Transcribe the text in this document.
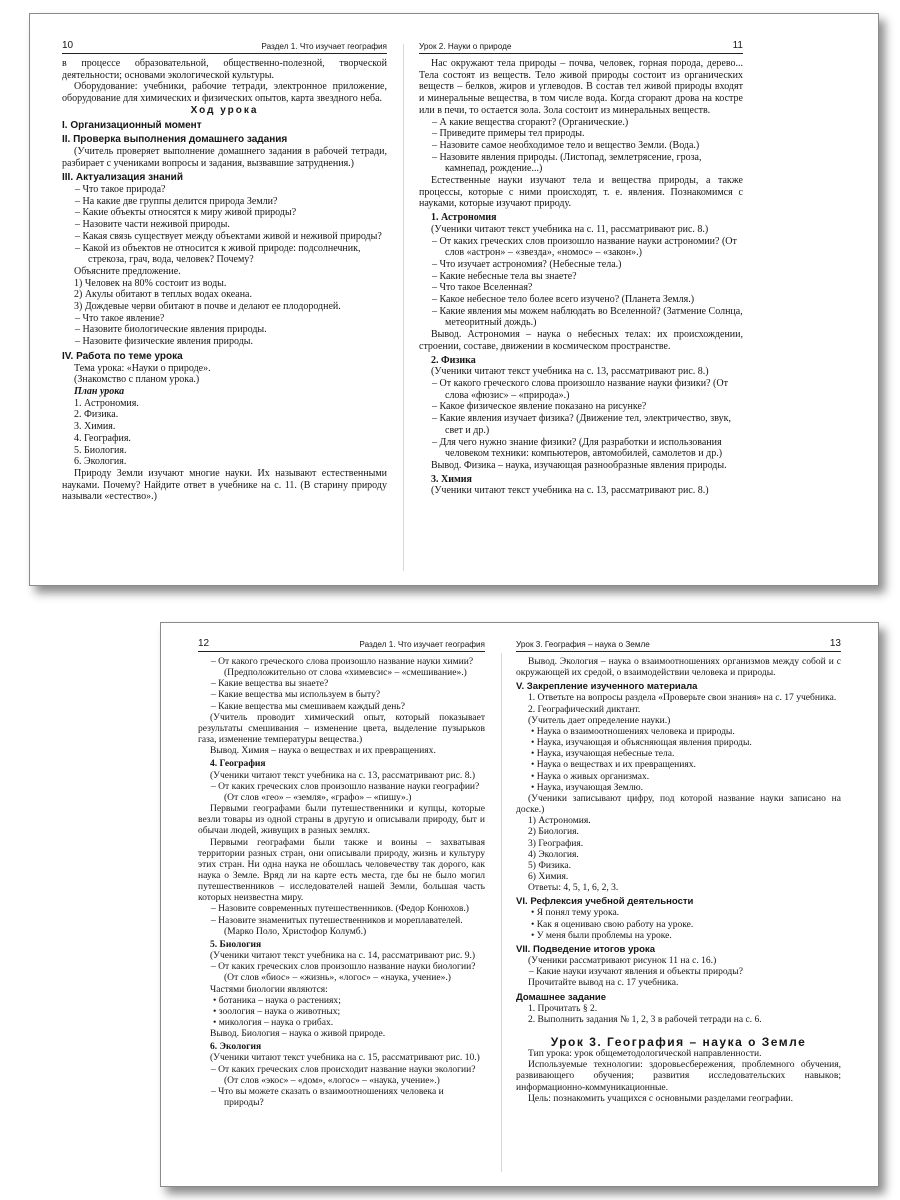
10	Раздел 1. Что изучает география
в процессе образовательной, общественно-полезной, творческой деятельности; основами экологической культуры.
Оборудование: учебники, рабочие тетради, электронное приложение, оборудование для химических и физических опытов, карта звездного неба.
Ход урока
I. Организационный момент
II. Проверка выполнения домашнего задания
(Учитель проверяет выполнение домашнего задания в рабочей тетради, разбирает с учениками вопросы и задания, вызвавшие затруднения.)
III. Актуализация знаний
– Что такое природа?
– На какие две группы делится природа Земли?
– Какие объекты относятся к миру живой природы?
– Назовите части неживой природы.
– Какая связь существует между объектами живой и неживой природы?
– Какой из объектов не относится к живой природе: подсолнечник, стрекоза, грач, вода, человек? Почему?
Объясните предложение.
1) Человек на 80% состоит из воды.
2) Акулы обитают в теплых водах океана.
3) Дождевые черви обитают в почве и делают ее плодородней.
– Что такое явление?
– Назовите биологические явления природы.
– Назовите физические явления природы.
IV. Работа по теме урока
Тема урока: «Науки о природе».
(Знакомство с планом урока.)
План урока
1. Астрономия.
2. Физика.
3. Химия.
4. География.
5. Биология.
6. Экология.
Природу Земли изучают многие науки. Их называют естественными науками. Почему? Найдите ответ в учебнике на с. 11. (В старину природу называли «естество».)
Урок 2. Науки о природе	11
Нас окружают тела природы – почва, человек, горная порода, дерево... Тела состоят из веществ. Тело живой природы состоит из органических веществ – белков, жиров и углеводов. В состав тел живой природы входят и минеральные вещества, в том числе вода. Когда сгорают дрова на костре или в печи, то остается зола. Зола состоит из минеральных веществ.
– А какие вещества сгорают? (Органические.)
– Приведите примеры тел природы.
– Назовите самое необходимое тело и вещество Земли. (Вода.)
– Назовите явления природы. (Листопад, землетрясение, гроза, камнепад, рождение...)
Естественные науки изучают тела и вещества природы, а также процессы, которые с ними происходят, т. е. явления. Познакомимся с науками, которые изучают природу.
1. Астрономия
(Ученики читают текст учебника на с. 11, рассматривают рис. 8.)
– От каких греческих слов произошло название науки астрономии? (От слов «астрон» – «звезда», «номос» – «закон».)
– Что изучает астрономия? (Небесные тела.)
– Какие небесные тела вы знаете?
– Что такое Вселенная?
– Какое небесное тело более всего изучено? (Планета Земля.)
– Какие явления мы можем наблюдать во Вселенной? (Затмение Солнца, метеоритный дождь.)
Вывод. Астрономия – наука о небесных телах: их происхождении, строении, составе, движении в космическом пространстве.
2. Физика
(Ученики читают текст учебника на с. 13, рассматривают рис. 8.)
– От какого греческого слова произошло название науки физики? (От слова «фюзис» – «природа».)
– Какое физическое явление показано на рисунке?
– Какие явления изучает физика? (Движение тел, электричество, звук, свет и др.)
– Для чего нужно знание физики? (Для разработки и использования человеком техники: компьютеров, автомобилей, самолетов и др.)
Вывод. Физика – наука, изучающая разнообразные явления природы.
3. Химия
(Ученики читают текст учебника на с. 13, рассматривают рис. 8.)
12	Раздел 1. Что изучает география
– От какого греческого слова произошло название науки химии? (Предположительно от слова «химевсис» – «смешивание».)
– Какие вещества вы знаете?
– Какие вещества мы используем в быту?
– Какие вещества мы смешиваем каждый день?
(Учитель проводит химический опыт, который показывает результаты смешивания – изменение цвета, выделение пузырьков газа, изменение температуры вещества.)
Вывод. Химия – наука о веществах и их превращениях.
4. География
(Ученики читают текст учебника на с. 13, рассматривают рис. 8.)
– От каких греческих слов произошло название науки географии? (От слов «гео» – «земля», «графо» – «пишу».)
Первыми географами были путешественники и купцы, которые везли товары из одной страны в другую и описывали природу, быт и обычаи людей, живущих в разных землях.
Первыми географами были также и воины – захватывая территории разных стран, они описывали природу, жизнь и культуру этих стран. Ни одна наука не обошлась человечеству так дорого, как наука о Земле. Вряд ли на карте есть места, где бы не было могил путешественников – исследователей нашей Земли, большая часть которых неизвестна миру.
– Назовите современных путешественников. (Федор Конюхов.)
– Назовите знаменитых путешественников и мореплавателей. (Марко Поло, Христофор Колумб.)
5. Биология
(Ученики читают текст учебника на с. 14, рассматривают рис. 9.)
– От каких греческих слов произошло название науки биологии? (От слов «биос» – «жизнь», «логос» – «наука, учение».)
Частями биологии являются:
• ботаника – наука о растениях;
• зоология – наука о животных;
• микология – наука о грибах.
Вывод. Биология – наука о живой природе.
6. Экология
(Ученики читают текст учебника на с. 15, рассматривают рис. 10.)
– От каких греческих слов происходит название науки экологии? (От слов «экос» – «дом», «логос» – «наука, учение».)
– Что вы можете сказать о взаимоотношениях человека и природы?
Урок 3. География – наука о Земле	13
Вывод. Экология – наука о взаимоотношениях организмов между собой и с окружающей их средой, о взаимодействии человека и природы.
V. Закрепление изученного материала
1. Ответьте на вопросы раздела «Проверьте свои знания» на с. 17 учебника.
2. Географический диктант.
(Учитель дает определение науки.)
• Наука о взаимоотношениях человека и природы.
• Наука, изучающая и объясняющая явления природы.
• Наука, изучающая небесные тела.
• Наука о веществах и их превращениях.
• Наука о живых организмах.
• Наука, изучающая Землю.
(Ученики записывают цифру, под которой название науки записано на доске.)
1) Астрономия.
2) Биология.
3) География.
4) Экология.
5) Физика.
6) Химия.
Ответы: 4, 5, 1, 6, 2, 3.
VI. Рефлексия учебной деятельности
• Я понял тему урока.
• Как я оцениваю свою работу на уроке.
• У меня были проблемы на уроке.
VII. Подведение итогов урока
(Ученики рассматривают рисунок 11 на с. 16.)
– Какие науки изучают явления и объекты природы?
Прочитайте вывод на с. 17 учебника.
Домашнее задание
1. Прочитать § 2.
2. Выполнить задания № 1, 2, 3 в рабочей тетради на с. 6.
Урок 3. География – наука о Земле
Тип урока: урок общеметодологической направленности.
Используемые технологии: здоровьесбережения, проблемного обучения, развивающего обучения; развития исследовательских навыков; информационно-коммуникационные.
Цель: познакомить учащихся с основными разделами географии.
